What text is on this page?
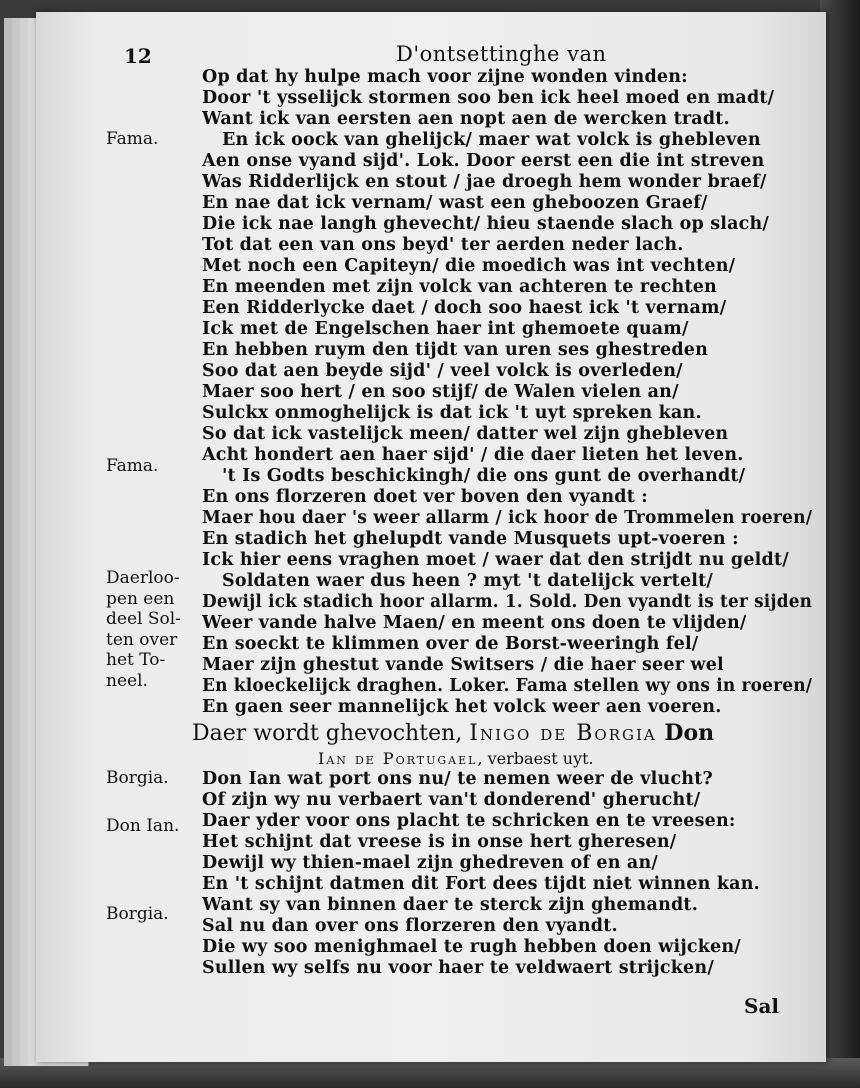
12	D'ontsettinghe van
Fama.
Fama.
Daerloo-
pen een
deel Sol-
ten over
het To-
neel.
Borgia.
Don Ian.
Borgia.
Op dat hy hulpe mach voor zijne wonden vinden:
Door 't ysselijck stormen soo ben ick heel moed en madt/
Want ick van eersten aen nopt aen de wercken tradt.
En ick oock van ghelijck/ maer wat volck is ghebleven
Aen onse vyand sijd'. Lok. Door eerst een die int streven
Was Ridderlijck en stout / jae droegh hem wonder braef/
En nae dat ick vernam/ wast een gheboozen Graef/
Die ick nae langh ghevecht/ hieu staende slach op slach/
Tot dat een van ons beyd' ter aerden neder lach.
Met noch een Capiteyn/ die moedich was int vechten/
En meenden met zijn volck van achteren te rechten
Een Ridderlycke daet / doch soo haest ick 't vernam/
Ick met de Engelschen haer int ghemoete quam/
En hebben ruym den tijdt van uren ses ghestreden
Soo dat aen beyde sijd' / veel volck is overleden/
Maer soo hert / en soo stijf/ de Walen vielen an/
Sulckx onmoghelijck is dat ick 't uyt spreken kan.
So dat ick vastelijck meen/ datter wel zijn ghebleven
Acht hondert aen haer sijd' / die daer lieten het leven.
't Is Godts beschickingh/ die ons gunt de overhandt/
En ons florzeren doet ver boven den vyandt :
Maer hou daer 's weer allarm / ick hoor de Trommelen roeren/
En stadich het ghelupdt vande Musquets upt-voeren :
Ick hier eens vraghen moet / waer dat den strijdt nu geldt/
Soldaten waer dus heen ? myt 't datelijck vertelt/
Dewijl ick stadich hoor allarm. 1. Sold. Den vyandt is ter sijden
Weer vande halve Maen/ en meent ons doen te vlijden/
En soeckt te klimmen over de Borst-weeringh fel/
Maer zijn ghestut vande Switsers / die haer seer wel
En kloeckelijck draghen. Loker. Fama stellen wy ons in roeren/
En gaen seer mannelijck het volck weer aen voeren.
Daer wordt ghevochten, Inigo de Borgia Don
Ian de Portugael, verbaest uyt.
Don Ian wat port ons nu/ te nemen weer de vlucht?
Of zijn wy nu verbaert van't donderend' gherucht/
Daer yder voor ons placht te schricken en te vreesen:
Het schijnt dat vreese is in onse hert gheresen/
Dewijl wy thien-mael zijn ghedreven of en an/
En 't schijnt datmen dit Fort dees tijdt niet winnen kan.
Want sy van binnen daer te sterck zijn ghemandt.
Sal nu dan over ons florzeren den vyandt.
Die wy soo menighmael te rugh hebben doen wijcken/
Sullen wy selfs nu voor haer te veldwaert strijcken/
Sal
